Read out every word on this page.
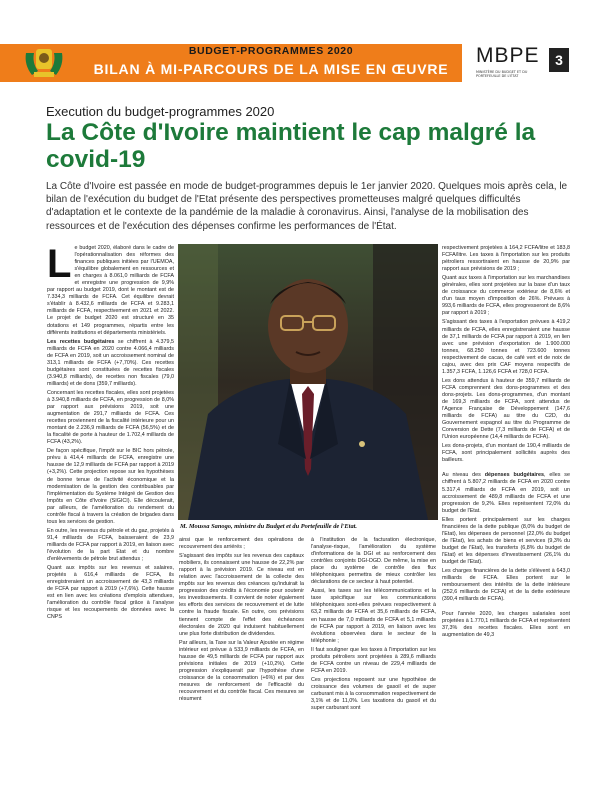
BUDGET-PROGRAMMES 2020
BILAN À MI-PARCOURS DE LA MISE EN ŒUVRE
MBPE
MINISTÈRE DU BUDGET ET DU PORTEFEUILLE DE L'ÉTAT
3
Execution du budget-programmes 2020
La Côte d'Ivoire maintient le cap malgré la covid-19

La Côte d'Ivoire est passée en mode de budget-programmes depuis le 1er janvier 2020. Quelques mois après cela, le bilan de l'exécution du budget de l'Etat présente des perspectives prometteuses malgré quelques difficultés d'adaptation et le contexte de la pandémie de la maladie à coronavirus. Ainsi, l'analyse de la mobilisation des ressources et de l'exécution des dépenses confirme les performances de l'État.

Le budget 2020, élaboré dans le cadre de l'opérationnalisation des réformes des finances publiques initiées par l'UEMOA, s'équilibre globalement en ressources et en charges à 8.061,0 milliards de FCFA et enregistre une progression de 9,9% par rapport au budget 2019, dont le montant est de 7.334,3 milliards de FCFA. Cet équilibre devrait s'établir à 8.432,6 milliards de FCFA et 9.283,1 milliards de FCFA, respectivement en 2021 et 2022. Le projet de budget 2020 est structuré en 35 dotations et 149 programmes, répartis entre les différents institutions et départements ministériels.

Les recettes budgétaires se chiffrent à 4.379,5 milliards de FCFA en 2020 contre 4.066,4 milliards de FCFA en 2019, soit un accroissement nominal de 313,1 milliards de FCFA (+7,70%). Ces recettes budgétaires sont constituées de recettes fiscales (3.940,8 milliards), de recettes non fiscales (79,0 milliards) et de dons (359,7 milliards).

Concernant les recettes fiscales, elles sont projetées à 3.940,8 milliards de FCFA, en progression de 8,0% par rapport aux prévisions 2019, soit une augmentation de 291,7 milliards de FCFA. Ces recettes proviennent de la fiscalité intérieure pour un montant de 2.236,9 milliards de FCFA (56,5%) et de la fiscalité de porte à hauteur de 1.702,4 milliards de FCFA (43,2%).

De façon spécifique, l'impôt sur le BIC hors pétrole, prévu à 414,4 milliards de FCFA, enregistre une hausse de 12,9 milliards de FCFA par rapport à 2019 (+3,2%). Cette projection repose sur les hypothèses de bonne tenue de l'activité économique et la modernisation de la gestion des contribuables par l'implémentation du Système Intégré de Gestion des Impôts en Côte d'Ivoire (SIGICI). Elle découlerait, par ailleurs, de l'amélioration du rendement du contrôle fiscal à travers la création de brigades dans tous les services de gestion.

En outre, les revenus du pétrole et du gaz, projetés à 91,4 milliards de FCFA, baisseraient de 23,9 milliards de FCFA par rapport à 2019, en liaison avec l'évolution de la part Etat et du nombre d'enlèvements de pétrole brut attendus ;

Quant aux impôts sur les revenus et salaires, projetés à 616,4 milliards de FCFA, ils enregistreraient un accroissement de 43,3 milliards de FCFA par rapport à 2019 (+7,6%). Cette hausse est en lien avec les créations d'emplois attendues, l'amélioration du contrôle fiscal grâce à l'analyse risque et les recoupements de données avec la CNPS

M. Moussa Sanogo, ministre du Budget et du Portefeuille de l'Etat.

ainsi que le renforcement des opérations de recouvrement des arriérés ;

S'agissant des impôts sur les revenus des capitaux mobiliers, ils connaissent une hausse de 22,2% par rapport à la prévision 2019. Ce niveau est en relation avec l'accroissement de la collecte des impôts sur les revenus des créances qu'induirait la progression des crédits à l'économie pour soutenir les investissements. Il convient de noter également les efforts des services de recouvrement et de lutte contre la fraude fiscale. En outre, ces prévisions tiennent compte de l'effet des échéances électorales de 2020 qui induisent habituellement une plus forte distribution de dividendes.

Par ailleurs, la Taxe sur la Valeur Ajoutée en régime intérieur est prévue à 533,9 milliards de FCFA, en hausse de 49,5 milliards de FCFA par rapport aux prévisions initiales de 2019 (+10,2%). Cette progression s'expliquerait par l'hypothèse d'une croissance de la consommation (+6%) et par des mesures de renforcement de l'efficacité du recouvrement et du contrôle fiscal. Ces mesures se résument

à l'institution de la facturation électronique, l'analyse-risque, l'amélioration du système d'informations de la DGI et au renforcement des contrôles conjoints DGI-DGD. De même, la mise en place du système de contrôle des flux téléphoniques permettra de mieux contrôler les déclarations de ce secteur à haut potentiel.

Aussi, les taxes sur les télécommunications et la taxe spécifique sur les communications téléphoniques sont-elles prévues respectivement à 63,2 milliards de FCFA et 35,6 milliards de FCFA, en hausse de 7,0 milliards de FCFA et 5,1 milliards de FCFA par rapport à 2019, en liaison avec les évolutions observées dans le secteur de la téléphonie ;

Il faut souligner que les taxes à l'importation sur les produits pétroliers sont projetées à 289,6 milliards de FCFA contre un niveau de 229,4 milliards de FCFA en 2019.

Ces projections reposent sur une hypothèse de croissance des volumes de gasoil et de super carburant mis à la consommation respectivement de 3,1% et de 11,0%. Les taxations du gasoil et du super carburant sont

respectivement projetées à 164,2 FCFA/litre et 183,8 FCFA/litre. Les taxes à l'importation sur les produits pétroliers ressortiraient en hausse de 20,9% par rapport aux prévisions de 2019 ;

Quant aux taxes à l'importation sur les marchandises générales, elles sont projetées sur la base d'un taux de croissance du commerce extérieur de 8,6% et d'un taux moyen d'imposition de 26%. Prévues à 993,6 milliards de FCFA, elles progresseront de 8,6% par rapport à 2019 ;

S'agissant des taxes à l'exportation prévues à 419,2 milliards de FCFA, elles enregistreraient une hausse de 37,1 milliards de FCFA par rapport à 2019, en lien avec une prévision d'exportation de 1.900.000 tonnes, 68.250 tonnes et 723.600 tonnes respectivement de cacao, de café vert et de noix de cajou, avec des prix CAF moyens respectifs de 1.357,3 FCFA, 1.126,6 FCFA et 728,0 FCFA.

Les dons attendus à hauteur de 359,7 milliards de FCFA comprennent des dons-programmes et des dons-projets. Les dons-programmes, d'un montant de 169,3 milliards de FCFA, sont attendus de l'Agence Française de Développement (147,6 milliards de FCFA) au titre du C2D, du Gouvernement espagnol au titre du Programme de Conversion de Dette (7,3 milliards de FCFA) et de l'Union européenne (14,4 milliards de FCFA).

Les dons-projets, d'un montant de 190,4 milliards de FCFA, sont principalement sollicités auprès des bailleurs.

Au niveau des dépenses budgétaires, elles se chiffrent à 5.807,2 milliards de FCFA en 2020 contre 5.317,4 milliards de FCFA en 2019, soit un accroissement de 489,8 milliards de FCFA et une progression de 9,2%. Elles représentent 72,0% du budget de l'Etat.

Elles portent principalement sur les charges financières de la dette publique (8,0% du budget de l'Etat), les dépenses de personnel (22,0% du budget de l'Etat), les achats de biens et services (9,3% du budget de l'Etat), les transferts (6,8% du budget de l'Etat) et les dépenses d'investissement (26,1% du budget de l'Etat).

Les charges financières de la dette s'élèvent à 643,0 milliards de FCFA. Elles portent sur le remboursement des intérêts de la dette intérieure (252,6 milliards de FCFA) et de la dette extérieure (390,4 milliards de FCFA).

Pour l'année 2020, les charges salariales sont projetées à 1.770,1 milliards de FCFA et représentent 37,3% des recettes fiscales. Elles sont en augmentation de 49,3
